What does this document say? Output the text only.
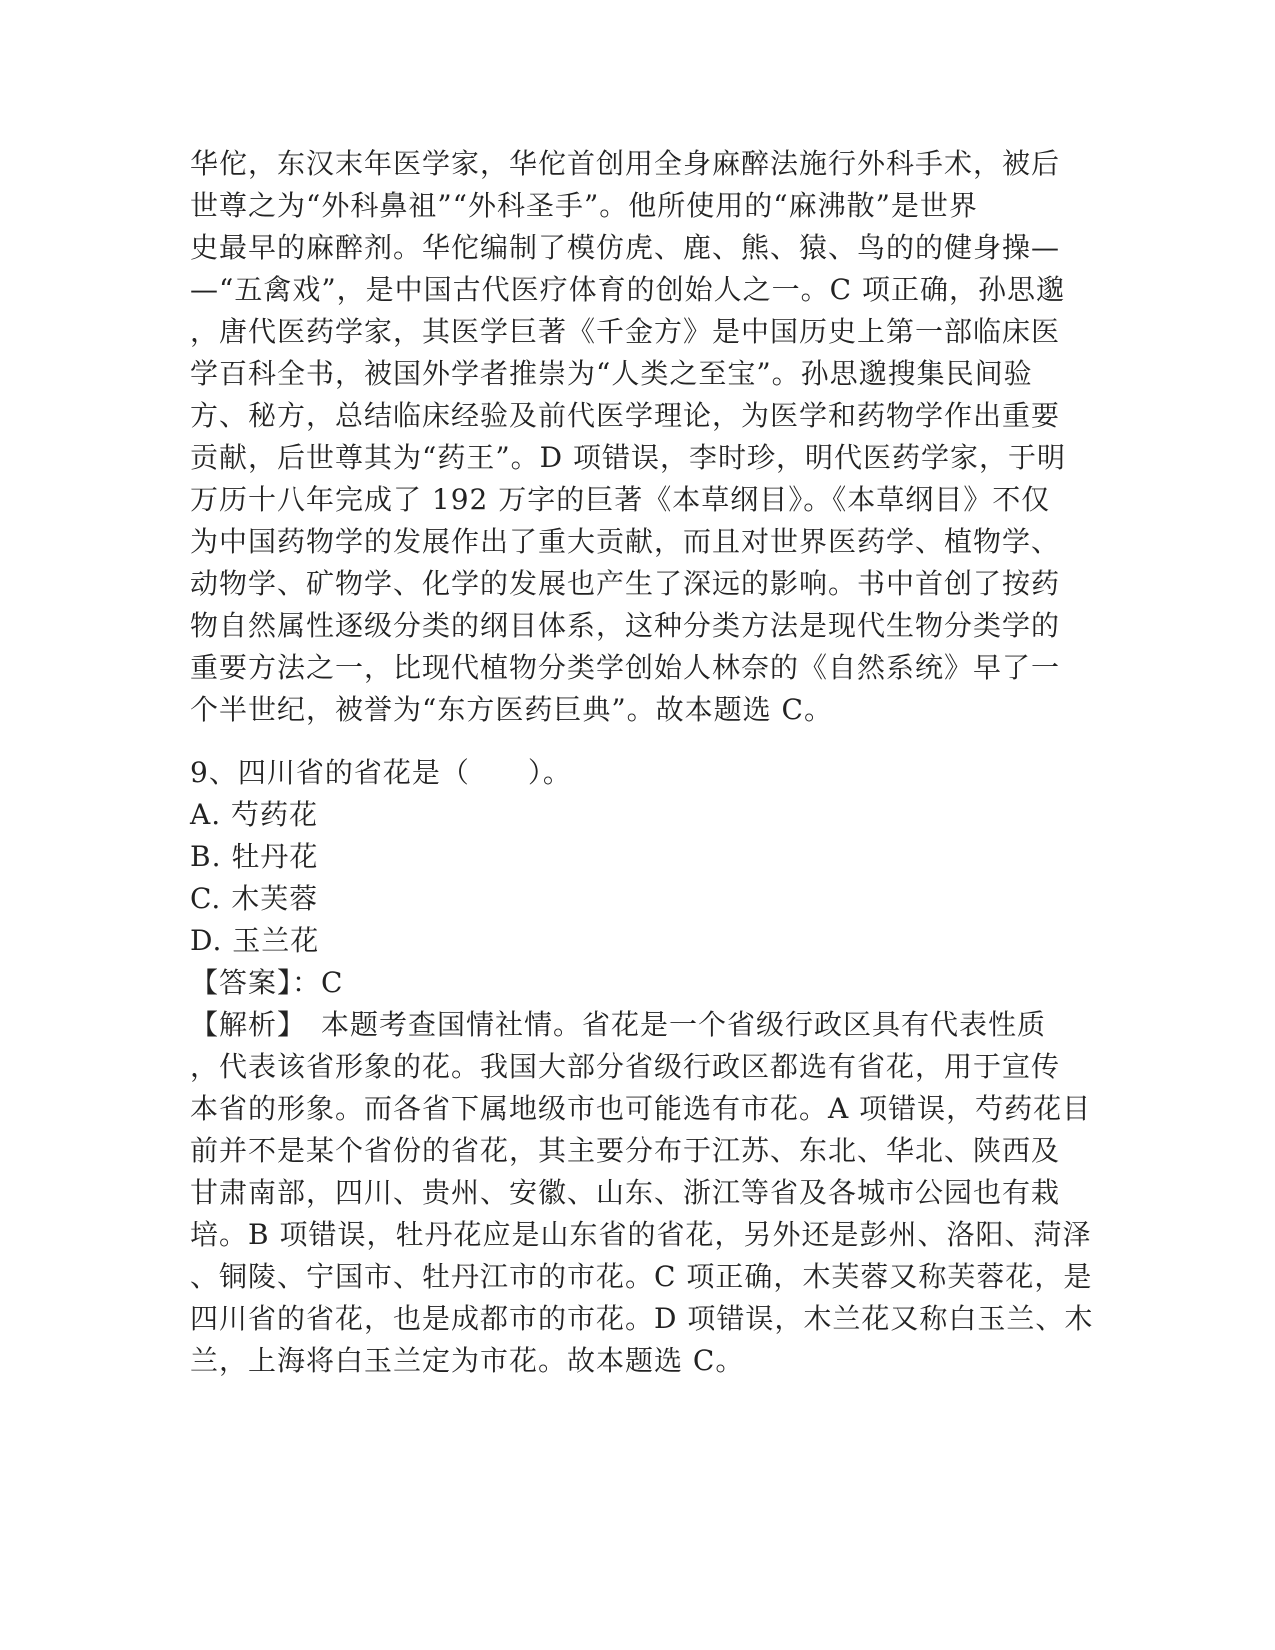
华佗，东汉末年医学家，华佗首创用全身麻醉法施行外科手术，被后
世尊之为“外科鼻祖”“外科圣手”。他所使用的“麻沸散”是世界
史最早的麻醉剂。华佗编制了模仿虎、鹿、熊、猿、鸟的的健身操—
—“五禽戏”，是中国古代医疗体育的创始人之一。C 项正确，孙思邈
，唐代医药学家，其医学巨著《千金方》是中国历史上第一部临床医
学百科全书，被国外学者推崇为“人类之至宝”。孙思邈搜集民间验
方、秘方，总结临床经验及前代医学理论，为医学和药物学作出重要
贡献，后世尊其为“药王”。D 项错误，李时珍，明代医药学家，于明
万历十八年完成了 192 万字的巨著《本草纲目》。《本草纲目》不仅
为中国药物学的发展作出了重大贡献，而且对世界医药学、植物学、
动物学、矿物学、化学的发展也产生了深远的影响。书中首创了按药
物自然属性逐级分类的纲目体系，这种分类方法是现代生物分类学的
重要方法之一，比现代植物分类学创始人林奈的《自然系统》早了一
个半世纪，被誉为“东方医药巨典”。故本题选 C。
9、四川省的省花是（　　）。
A. 芍药花
B. 牡丹花
C. 木芙蓉
D. 玉兰花
【答案】：C
【解析】　本题考查国情社情。省花是一个省级行政区具有代表性质
，代表该省形象的花。我国大部分省级行政区都选有省花，用于宣传
本省的形象。而各省下属地级市也可能选有市花。A 项错误，芍药花目
前并不是某个省份的省花，其主要分布于江苏、东北、华北、陕西及
甘肃南部，四川、贵州、安徽、山东、浙江等省及各城市公园也有栽
培。B 项错误，牡丹花应是山东省的省花，另外还是彭州、洛阳、菏泽
、铜陵、宁国市、牡丹江市的市花。C 项正确，木芙蓉又称芙蓉花，是
四川省的省花，也是成都市的市花。D 项错误，木兰花又称白玉兰、木
兰，上海将白玉兰定为市花。故本题选 C。
